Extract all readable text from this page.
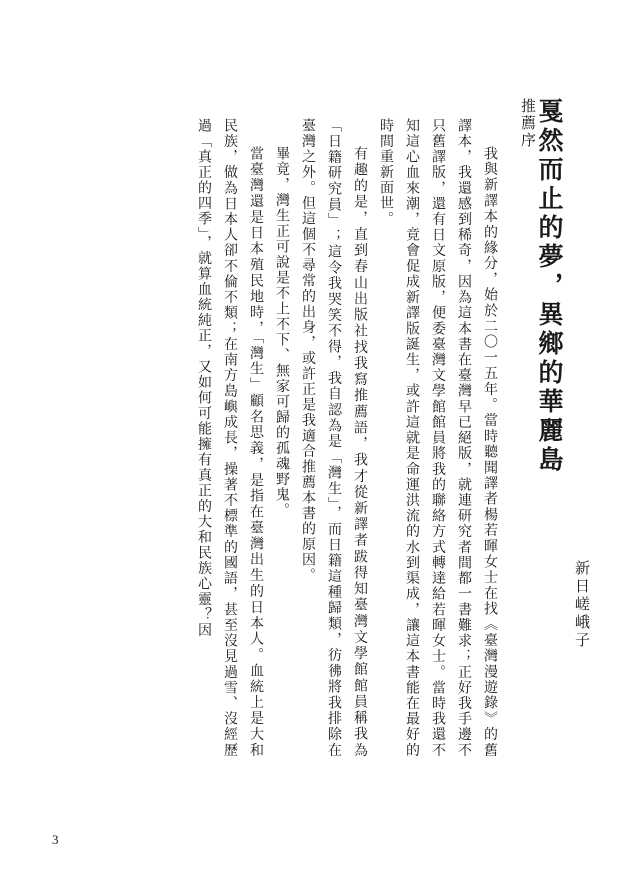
推薦序
戛然而止的夢，異鄉的華麗島
新日嵯峨子

我與新譯本的緣分，始於二〇一五年。當時聽聞譯者楊若暉女士在找《臺灣漫遊錄》的舊譯本，我還感到稀奇，因為這本書在臺灣早已絕版，就連研究者間都一書難求；正好我手邊不只舊譯版，還有日文原版，便委臺灣文學館館員將我的聯絡方式轉達給若暉女士。當時我還不知這心血來潮，竟會促成新譯版誕生，或許這就是命運洪流的水到渠成，讓這本書能在最好的時間重新面世。

有趣的是，直到春山出版社找我寫推薦語，我才從新譯者跋得知臺灣文學館館員稱我為「日籍研究員」；這令我哭笑不得，我自認為是「灣生」，而日籍這種歸類，彷彿將我排除在臺灣之外。但這個不尋常的出身，或許正是我適合推薦本書的原因。

畢竟，灣生正可說是不上不下、無家可歸的孤魂野鬼。

當臺灣還是日本殖民地時，「灣生」顧名思義，是指在臺灣出生的日本人。血統上是大和民族，做為日本人卻不倫不類；在南方島嶼成長，操著不標準的國語，甚至沒見過雪、沒經歷過「真正的四季」，就算血統純正，又如何可能擁有真正的大和民族心靈？因

3
